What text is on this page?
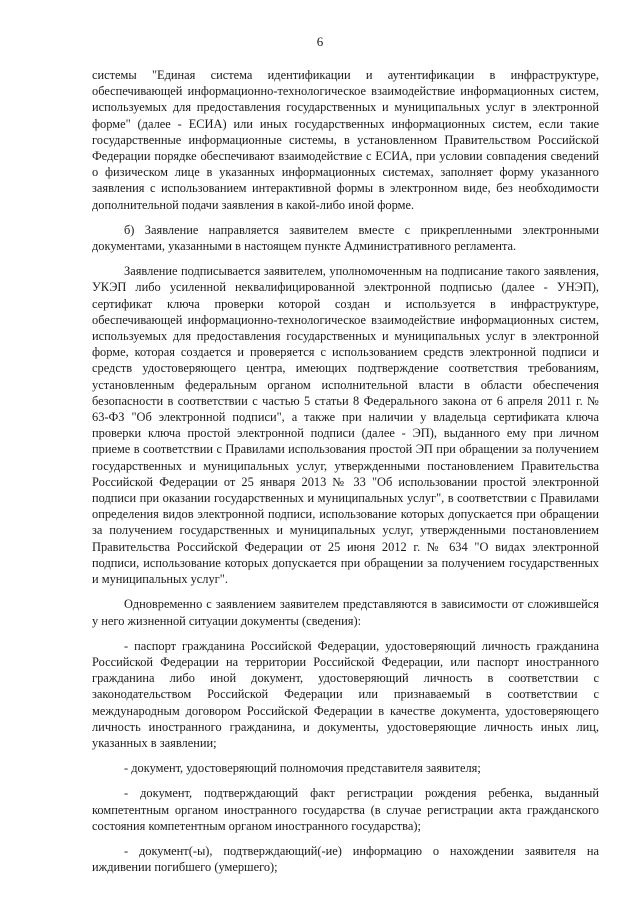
6

системы "Единая система идентификации и аутентификации в инфраструктуре, обеспечивающей информационно-технологическое взаимодействие информационных систем, используемых для предоставления государственных и муниципальных услуг в электронной форме" (далее - ЕСИА) или иных государственных информационных систем, если такие государственные информационные системы, в установленном Правительством Российской Федерации порядке обеспечивают взаимодействие с ЕСИА, при условии совпадения сведений о физическом лице в указанных информационных системах, заполняет форму указанного заявления с использованием интерактивной формы в электронном виде, без необходимости дополнительной подачи заявления в какой-либо иной форме.

б) Заявление направляется заявителем вместе с прикрепленными электронными документами, указанными в настоящем пункте Административного регламента.

Заявление подписывается заявителем, уполномоченным на подписание такого заявления, УКЭП либо усиленной неквалифицированной электронной подписью (далее - УНЭП), сертификат ключа проверки которой создан и используется в инфраструктуре, обеспечивающей информационно-технологическое взаимодействие информационных систем, используемых для предоставления государственных и муниципальных услуг в электронной форме, которая создается и проверяется с использованием средств электронной подписи и средств удостоверяющего центра, имеющих подтверждение соответствия требованиям, установленным федеральным органом исполнительной власти в области обеспечения безопасности в соответствии с частью 5 статьи 8 Федерального закона от 6 апреля 2011 г. № 63-ФЗ "Об электронной подписи", а также при наличии у владельца сертификата ключа проверки ключа простой электронной подписи (далее - ЭП), выданного ему при личном приеме в соответствии с Правилами использования простой ЭП при обращении за получением государственных и муниципальных услуг, утвержденными постановлением Правительства Российской Федерации от 25 января 2013 № 33 "Об использовании простой электронной подписи при оказании государственных и муниципальных услуг", в соответствии с Правилами определения видов электронной подписи, использование которых допускается при обращении за получением государственных и муниципальных услуг, утвержденными постановлением Правительства Российской Федерации от 25 июня 2012 г. № 634 "О видах электронной подписи, использование которых допускается при обращении за получением государственных и муниципальных услуг".

Одновременно с заявлением заявителем представляются в зависимости от сложившейся у него жизненной ситуации документы (сведения):

- паспорт гражданина Российской Федерации, удостоверяющий личность гражданина Российской Федерации на территории Российской Федерации, или паспорт иностранного гражданина либо иной документ, удостоверяющий личность в соответствии с законодательством Российской Федерации или признаваемый в соответствии с международным договором Российской Федерации в качестве документа, удостоверяющего личность иностранного гражданина, и документы, удостоверяющие личность иных лиц, указанных в заявлении;

- документ, удостоверяющий полномочия представителя заявителя;

- документ, подтверждающий факт регистрации рождения ребенка, выданный компетентным органом иностранного государства (в случае регистрации акта гражданского состояния компетентным органом иностранного государства);

- документ(-ы), подтверждающий(-ие) информацию о нахождении заявителя на иждивении погибшего (умершего);
